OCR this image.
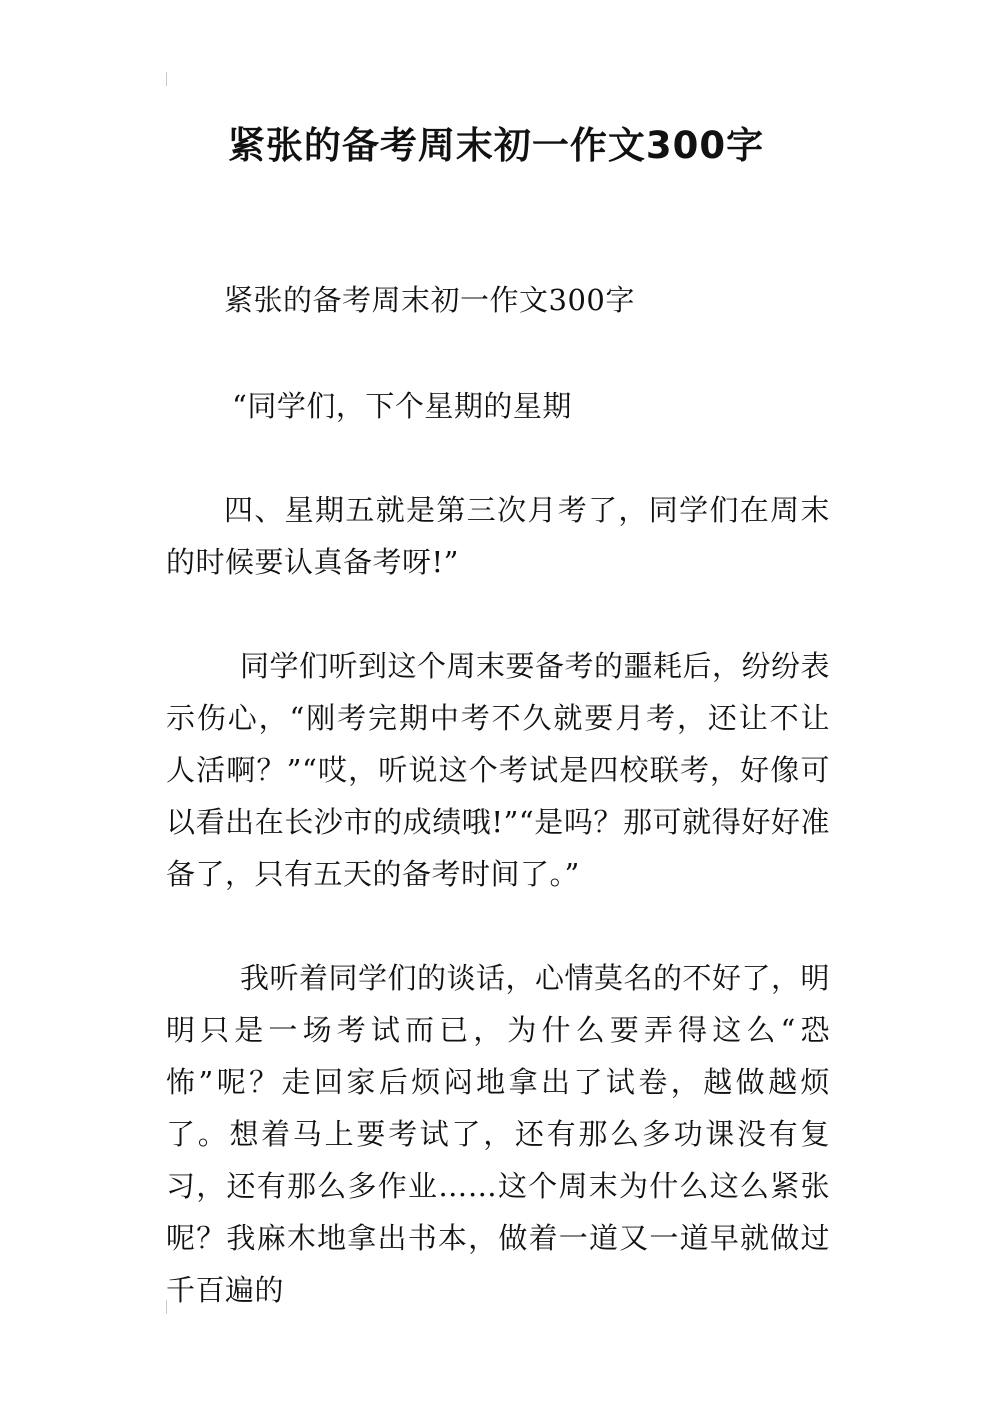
紧张的备考周末初一作文300字

紧张的备考周末初一作文300字

“同学们，下个星期的星期

四、星期五就是第三次月考了，同学们在周末的时候要认真备考呀!”

同学们听到这个周末要备考的噩耗后，纷纷表示伤心，“刚考完期中考不久就要月考，还让不让人活啊？”“哎，听说这个考试是四校联考，好像可以看出在长沙市的成绩哦!”“是吗？那可就得好好准备了，只有五天的备考时间了。”

我听着同学们的谈话，心情莫名的不好了，明明只是一场考试而已，为什么要弄得这么“恐怖”呢？走回家后烦闷地拿出了试卷，越做越烦了。想着马上要考试了，还有那么多功课没有复习，还有那么多作业……这个周末为什么这么紧张呢？我麻木地拿出书本，做着一道又一道早就做过千百遍的
